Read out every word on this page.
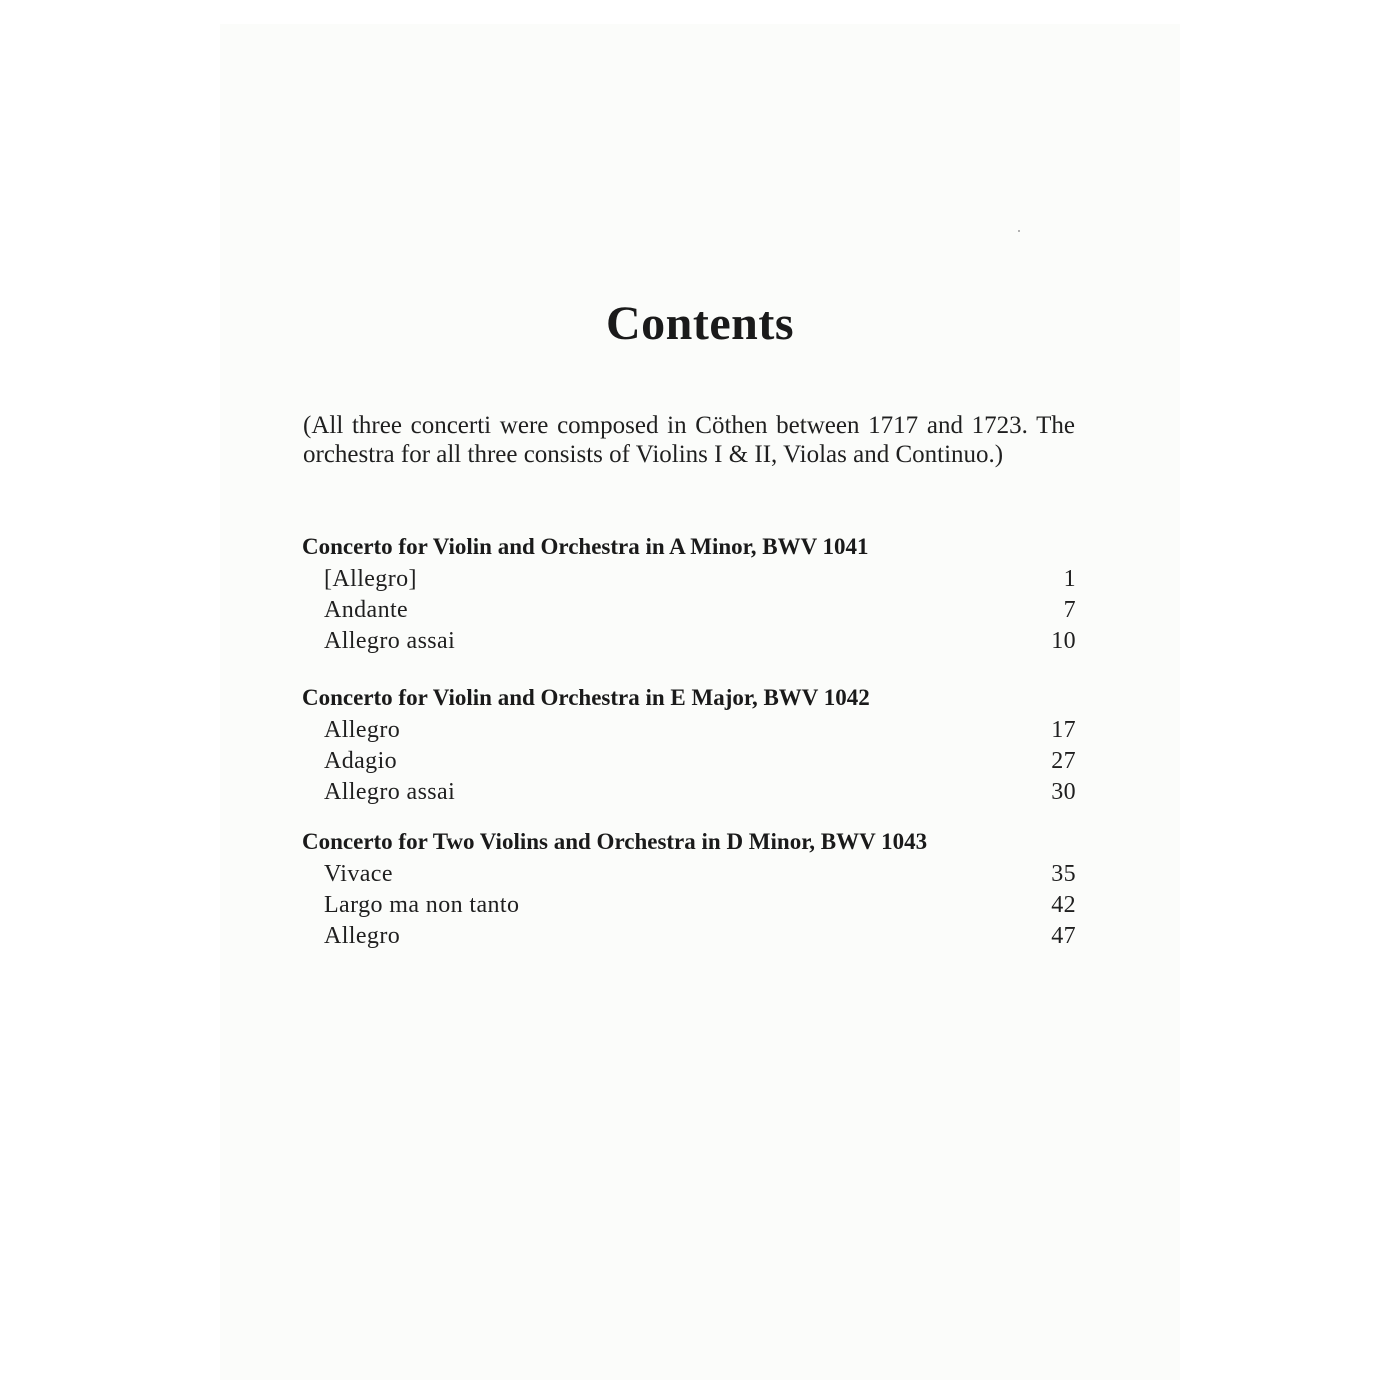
Contents

(All three concerti were composed in Cöthen between 1717 and 1723. The orchestra for all three consists of Violins I & II, Violas and Continuo.)

Concerto for Violin and Orchestra in A Minor, BWV 1041
[Allegro]	1
Andante	7
Allegro assai	10
Concerto for Violin and Orchestra in E Major, BWV 1042
Allegro	17
Adagio	27
Allegro assai	30
Concerto for Two Violins and Orchestra in D Minor, BWV 1043
Vivace	35
Largo ma non tanto	42
Allegro	47
